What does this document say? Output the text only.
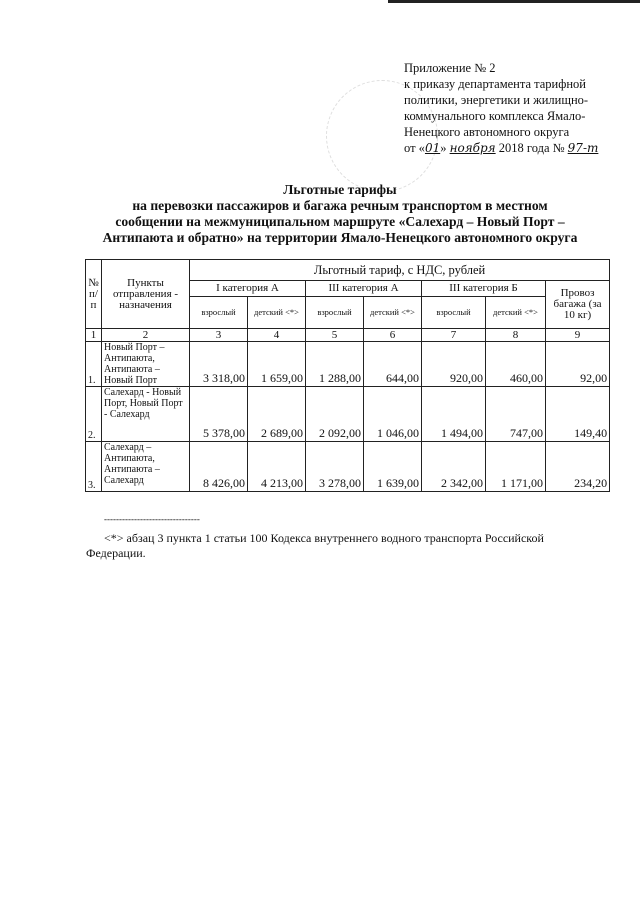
Приложение № 2
к приказу департамента тарифной
политики, энергетики и жилищно-
коммунального комплекса Ямало-
Ненецкого автономного округа
от «01» ноября 2018 года № 97-т
Льготные тарифы
на перевозки пассажиров и багажа речным транспортом в местном
сообщении на межмуниципальном маршруте «Салехард – Новый Порт –
Антипаюта и обратно» на территории Ямало-Ненецкого автономного округа
№ п/п	Пункты отправления - назначения	Льготный тариф, с НДС, рублей						
		I категория А		III категория А		III категория Б		Провоз багажа (за 10 кг)
		взрослый	детский <*>	взрослый	детский <*>	взрослый	детский <*>	
1	2	3	4	5	6	7	8	9
1.	Новый Порт – Антипаюта, Антипаюта – Новый Порт	3 318,00	1 659,00	1 288,00	644,00	920,00	460,00	92,00
2.	Салехард - Новый Порт, Новый Порт - Салехард	5 378,00	2 689,00	2 092,00	1 046,00	1 494,00	747,00	149,40
3.	Салехард – Антипаюта, Антипаюта – Салехард	8 426,00	4 213,00	3 278,00	1 639,00	2 342,00	1 171,00	234,20
--------------------------------
<*> абзац 3 пункта 1 статьи 100 Кодекса внутреннего водного транспорта Российской
Федерации.
